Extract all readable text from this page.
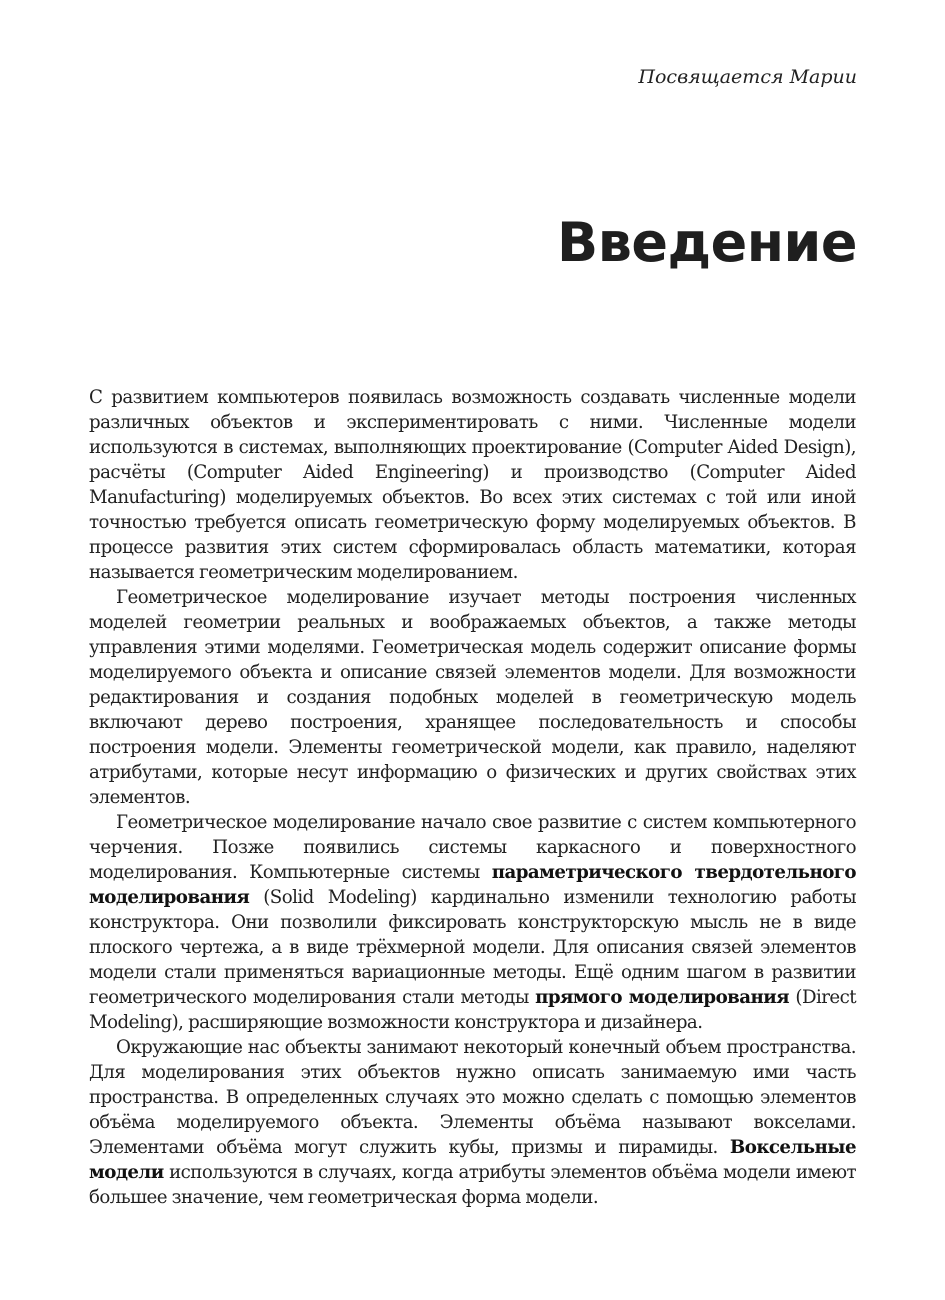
Посвящается Марии

Введение

С развитием компьютеров появилась возможность создавать численные модели различных объектов и экспериментировать с ними. Численные модели используются в системах, выполняющих проектирование (Computer Aided Design), расчёты (Computer Aided Engineering) и производство (Computer Aided Manufacturing) моделируемых объектов. Во всех этих системах с той или иной точностью требуется описать геометрическую форму моделируемых объектов. В процессе развития этих систем сформировалась область математики, которая называется геометрическим моделированием.

Геометрическое моделирование изучает методы построения численных моделей геометрии реальных и воображаемых объектов, а также методы управления этими моделями. Геометрическая модель содержит описание формы моделируемого объекта и описание связей элементов модели. Для возможности редактирования и создания подобных моделей в геометрическую модель включают дерево построения, хранящее последовательность и способы построения модели. Элементы геометрической модели, как правило, наделяют атрибутами, которые несут информацию о физических и других свойствах этих элементов.

Геометрическое моделирование начало свое развитие с систем компьютерного черчения. Позже появились системы каркасного и поверхностного моделирования. Компьютерные системы параметрического твердотельного моделирования (Solid Modeling) кардинально изменили технологию работы конструктора. Они позволили фиксировать конструкторскую мысль не в виде плоского чертежа, а в виде трёхмерной модели. Для описания связей элементов модели стали применяться вариационные методы. Ещё одним шагом в развитии геометрического моделирования стали методы прямого моделирования (Direct Modeling), расширяющие возможности конструктора и дизайнера.

Окружающие нас объекты занимают некоторый конечный объем пространства. Для моделирования этих объектов нужно описать занимаемую ими часть пространства. В определенных случаях это можно сделать с помощью элементов объёма моделируемого объекта. Элементы объёма называют вокселами. Элементами объёма могут служить кубы, призмы и пирамиды. Воксельные модели используются в случаях, когда атрибуты элементов объёма модели имеют большее значение, чем геометрическая форма модели.
